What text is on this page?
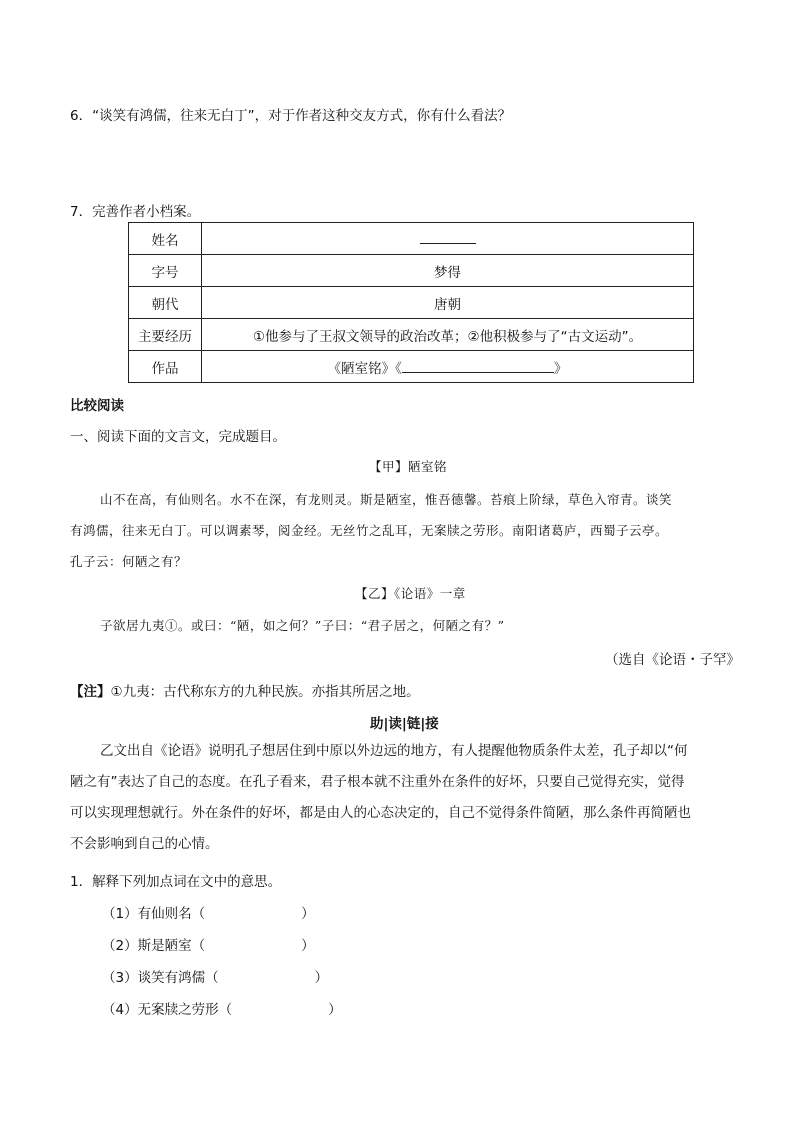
6．“谈笑有鸿儒，往来无白丁”，对于作者这种交友方式，你有什么看法？
7．完善作者小档案。
姓名	
字号	梦得
朝代	唐朝
主要经历	①他参与了王叔文领导的政治改革；②他积极参与了“古文运动”。
作品	《陋室铭》《 》
比较阅读
一、阅读下面的文言文，完成题目。
【甲】陋室铭
山不在高，有仙则名。水不在深，有龙则灵。斯是陋室，惟吾德馨。苔痕上阶绿，草色入帘青。谈笑
有鸿儒，往来无白丁。可以调素琴，阅金经。无丝竹之乱耳，无案牍之劳形。南阳诸葛庐，西蜀子云亭。
孔子云：何陋之有？
【乙】《论语》一章
子欲居九夷①。或曰：“陋，如之何？”子曰：“君子居之，何陋之有？”
（选自《论语・子罕》
【注】①九夷：古代称东方的九种民族。亦指其所居之地。
助|读|链|接
乙文出自《论语》说明孔子想居住到中原以外边远的地方，有人提醒他物质条件太差，孔子却以“何
陋之有”表达了自己的态度。在孔子看来，君子根本就不注重外在条件的好坏，只要自己觉得充实，觉得
可以实现理想就行。外在条件的好坏，都是由人的心态决定的，自己不觉得条件简陋，那么条件再简陋也
不会影响到自己的心情。
1．解释下列加点词在文中的意思。
（1）有仙则名（	）
（2）斯是陋室（	）
（3）谈笑有鸿儒（	）
（4）无案牍之劳形（	）
